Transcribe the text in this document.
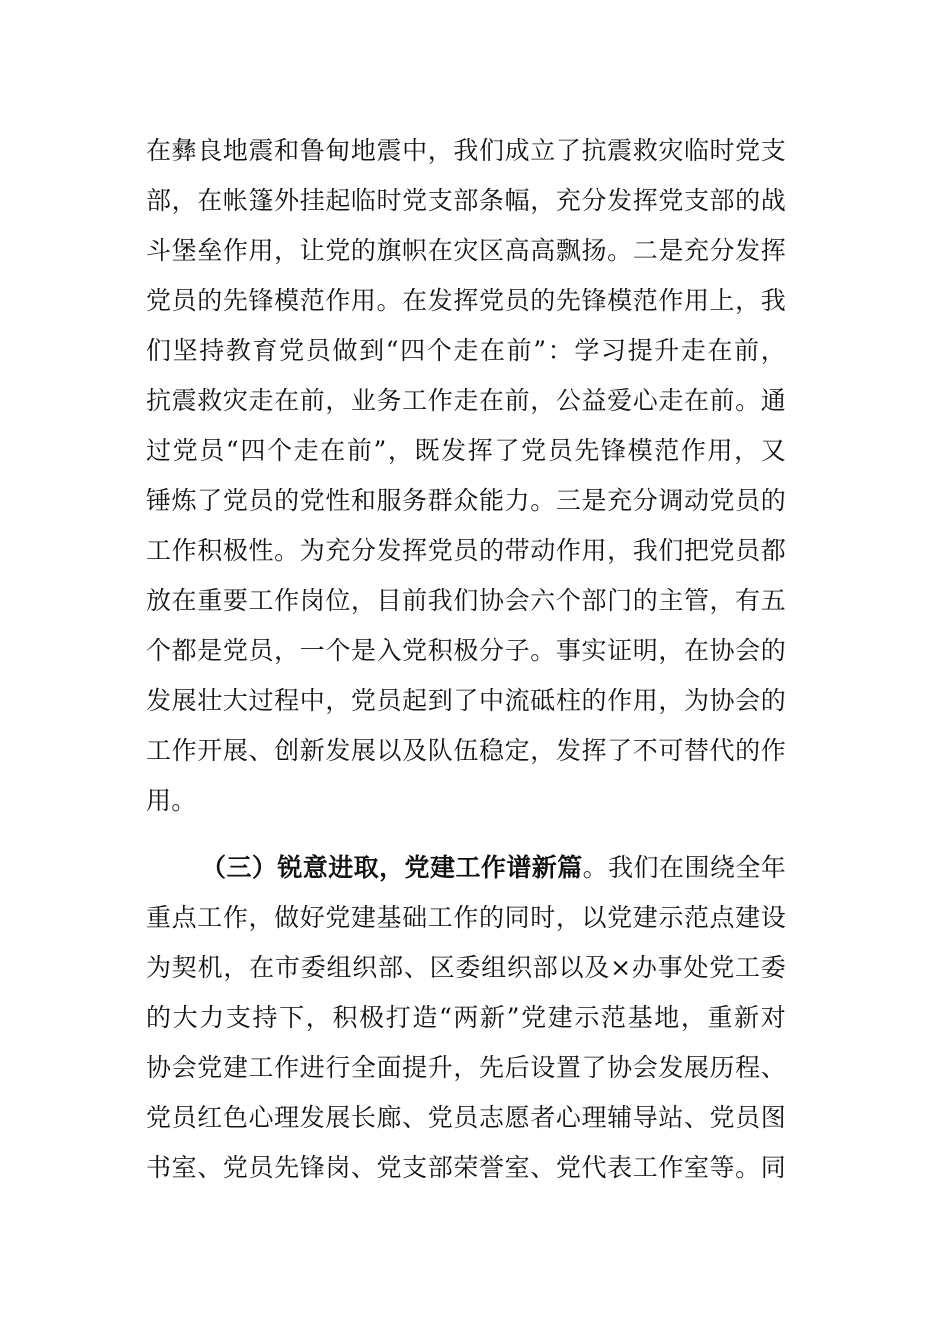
在彝良地震和鲁甸地震中，我们成立了抗震救灾临时党支
部，在帐篷外挂起临时党支部条幅，充分发挥党支部的战
斗堡垒作用，让党的旗帜在灾区高高飘扬。二是充分发挥
党员的先锋模范作用。在发挥党员的先锋模范作用上，我
们坚持教育党员做到“四个走在前”：学习提升走在前，
抗震救灾走在前，业务工作走在前，公益爱心走在前。通
过党员“四个走在前”，既发挥了党员先锋模范作用，又
锤炼了党员的党性和服务群众能力。三是充分调动党员的
工作积极性。为充分发挥党员的带动作用，我们把党员都
放在重要工作岗位，目前我们协会六个部门的主管，有五
个都是党员，一个是入党积极分子。事实证明，在协会的
发展壮大过程中，党员起到了中流砥柱的作用，为协会的
工作开展、创新发展以及队伍稳定，发挥了不可替代的作
用。
（三）锐意进取，党建工作谱新篇。我们在围绕全年
重点工作，做好党建基础工作的同时，以党建示范点建设
为契机，在市委组织部、区委组织部以及×办事处党工委
的大力支持下，积极打造“两新”党建示范基地，重新对
协会党建工作进行全面提升，先后设置了协会发展历程、
党员红色心理发展长廊、党员志愿者心理辅导站、党员图
书室、党员先锋岗、党支部荣誉室、党代表工作室等。同
